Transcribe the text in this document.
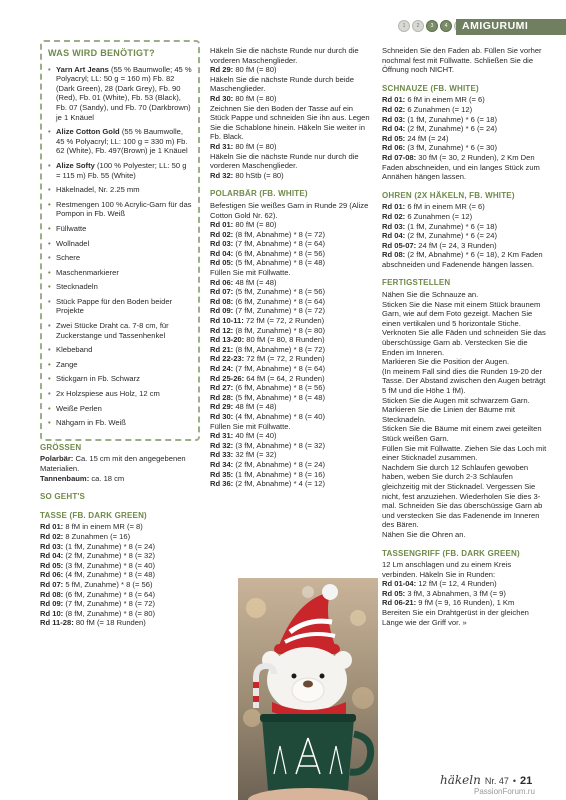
1	2	3	4	AMIGURUMI
WAS WIRD BENÖTIGT?
• Yarn Art Jeans (55 % Baumwolle; 45 % Polyacryl; LL: 50 g = 160 m) Fb. 82 (Dark Green), 28 (Dark Grey), Fb. 90 (Red), Fb. 01 (White), Fb. 53 (Black), Fb. 07 (Sandy), und Fb. 70 (Darkbrown) je 1 Knäuel
• Alize Cotton Gold (55 % Baumwolle, 45 % Polyacryl; LL: 100 g = 330 m) Fb. 62 (White), Fb. 497(Brown) je 1 Knäuel
• Alize Softy (100 % Polyester; LL: 50 g = 115 m) Fb. 55 (White)
• Häkelnadel, Nr. 2.25 mm
• Restmengen 100 % Acrylic-Garn für das Pompon in Fb. Weiß
• Füllwatte
• Wollnadel
• Schere
• Maschenmarkierer
• Stecknadeln
• Stück Pappe für den Boden beider Projekte
• Zwei Stücke Draht ca. 7-8 cm, für Zuckerstange und Tassenhenkel
• Klebeband
• Zange
• Stickgarn in Fb. Schwarz
• 2x Holzspiese aus Holz, 12 cm
• Weiße Perlen
• Nähgarn in Fb. Weiß
GRÖSSEN
Polarbär: Ca. 15 cm mit den angegebenen Materialien.
Tannenbaum: ca. 18 cm
SO GEHT'S
TASSE (FB. DARK GREEN)
Rd 01: 8 fM in einem MR (= 8)
Rd 02: 8 Zunahmen (= 16)
Rd 03: (1 fM, Zunahme) * 8 (= 24)
Rd 04: (2 fM, Zunahme) * 8 (= 32)
Rd 05: (3 fM, Zunahme) * 8 (= 40)
Rd 06: (4 fM, Zunahme) * 8 (= 48)
Rd 07: 5 fM, Zunahme) * 8 (= 56)
Rd 08: (6 fM, Zunahme) * 8 (= 64)
Rd 09: (7 fM, Zunahme) * 8 (= 72)
Rd 10: (8 fM, Zunahme) * 8 (= 80)
Rd 11-28: 80 fM (= 18 Runden)
Häkeln Sie die nächste Runde nur durch die vorderen Maschenglieder.
Rd 29: 80 fM (= 80)
Häkeln Sie die nächste Runde durch beide Maschenglieder.
Rd 30: 80 fM (= 80)
Zeichnen Sie den Boden der Tasse auf ein Stück Pappe und schneiden Sie ihn aus. Legen Sie die Schablone hinein. Häkeln Sie weiter in Fb. Black.
Rd 31: 80 fM (= 80)
Häkeln Sie die nächste Runde nur durch die vorderen Maschenglieder.
Rd 32: 80 hStb (= 80)
POLARBÄR (FB. WHITE)
Befestigen Sie weißes Garn in Runde 29 (Alize Cotton Gold Nr. 62).
Rd 01: 80 fM (= 80)
Rd 02: (8 fM, Abnahme) * 8 (= 72)
Rd 03: (7 fM, Abnahme) * 8 (= 64)
Rd 04: (6 fM, Abnahme) * 8 (= 56)
Rd 05: (5 fM, Abnahme) * 8 (= 48)
Füllen Sie mit Füllwatte.
Rd 06: 48 fM (= 48)
Rd 07: (5 fM, Zunahme) * 8 (= 56)
Rd 08: (6 fM, Zunahme) * 8 (= 64)
Rd 09: (7 fM, Zunahme) * 8 (= 72)
Rd 10-11: 72 fM (= 72, 2 Runden)
Rd 12: (8 fM, Zunahme) * 8 (= 80)
Rd 13-20: 80 fM (= 80, 8 Runden)
Rd 21: (8 fM, Abnahme) * 8 (= 72)
Rd 22-23: 72 fM (= 72, 2 Runden)
Rd 24: (7 fM, Abnahme) * 8 (= 64)
Rd 25-26: 64 fM (= 64, 2 Runden)
Rd 27: (6 fM, Abnahme) * 8 (= 56)
Rd 28: (5 fM, Abnahme) * 8 (= 48)
Rd 29: 48 fM (= 48)
Rd 30: (4 fM, Abnahme) * 8 (= 40)
Füllen Sie mit Füllwatte.
Rd 31: 40 fM (= 40)
Rd 32: (3 fM, Abnahme) * 8 (= 32)
Rd 33: 32 fM (= 32)
Rd 34: (2 fM, Abnahme) * 8 (= 24)
Rd 35: (1 fM, Abnahme) * 8 (= 16)
Rd 36: (2 fM, Abnahme) * 4 (= 12)
Schneiden Sie den Faden ab. Füllen Sie vorher nochmal fest mit Füllwatte. Schließen Sie die Öffnung noch NICHT.
SCHNAUZE (FB. WHITE)
Rd 01: 6 fM in einem MR (= 6)
Rd 02: 6 Zunahmen (= 12)
Rd 03: (1 fM, Zunahme) * 6 (= 18)
Rd 04: (2 fM, Zunahme) * 6 (= 24)
Rd 05: 24 fM (= 24)
Rd 06: (3 fM, Zunahme) * 6 (= 30)
Rd 07-08: 30 fM (= 30, 2 Runden), 2 Km Den Faden abschneiden, und ein langes Stück zum Annähen hängen lassen.
OHREN (2X HÄKELN, FB. WHITE)
Rd 01: 6 fM in einem MR (= 6)
Rd 02: 6 Zunahmen (= 12)
Rd 03: (1 fM, Zunahme) * 6 (= 18)
Rd 04: (2 fM, Zunahme) * 6 (= 24)
Rd 05-07: 24 fM (= 24, 3 Runden)
Rd 08: (2 fM, Abnahme) * 6 (= 18), 2 Km Faden abschneiden und Fadenende hängen lassen.
FERTIGSTELLEN
Nähen Sie die Schnauze an.
Sticken Sie die Nase mit einem Stück braunem Garn, wie auf dem Foto gezeigt. Machen Sie einen vertikalen und 5 horizontale Stiche.
Verknoten Sie alle Fäden und schneiden Sie das überschüssige Garn ab. Verstecken Sie die Enden im Inneren.
Markieren Sie die Position der Augen.
(In meinem Fall sind dies die Runden 19-20 der Tasse. Der Abstand zwischen den Augen beträgt 5 fM und die Höhe 1 fM).
Sticken Sie die Augen mit schwarzem Garn. Markieren Sie die Linien der Bäume mit Stecknadeln.
Sticken Sie die Bäume mit einem zwei geteilten Stück weißen Garn.
Füllen Sie mit Füllwatte. Ziehen Sie das Loch mit einer Sticknadel zusammen.
Nachdem Sie durch 12 Schlaufen gewoben haben, weben Sie durch 2-3 Schlaufen gleichzeitig mit der Sticknadel. Vergessen Sie nicht, fest anzuziehen. Wiederholen Sie dies 3-mal. Schneiden Sie das überschüssige Garn ab und verstecken Sie das Fadenende im Inneren des Bären.
Nähen Sie die Ohren an.
TASSENGRIFF (FB. DARK GREEN)
12 Lm anschlagen und zu einem Kreis verbinden. Häkeln Sie in Runden:
Rd 01-04: 12 fM (= 12, 4 Runden)
Rd 05: 3 fM, 3 Abnahmen, 3 fM (= 9)
Rd 06-21: 9 fM (= 9, 16 Runden), 1 Km
Bereiten Sie ein Drahtgerüst in der gleichen Länge wie der Griff vor. »
häkeln Nr. 47 • 21
PassionForum.ru
